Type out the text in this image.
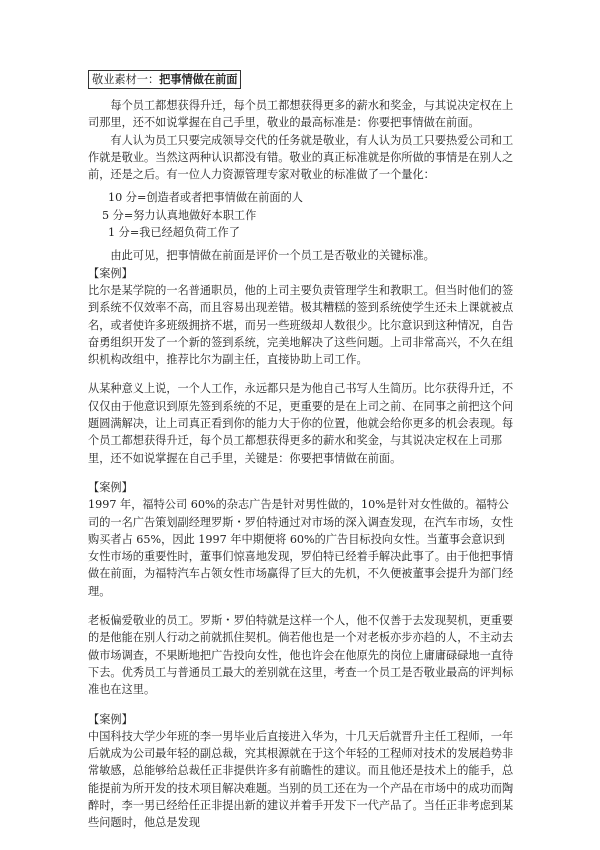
敬业素材一：把事情做在前面

每个员工都想获得升迁，每个员工都想获得更多的薪水和奖金，与其说决定权在上司那里，还不如说掌握在自己手里，敬业的最高标准是：你要把事情做在前面。

有人认为员工只要完成领导交代的任务就是敬业，有人认为员工只要热爱公司和工作就是敬业。当然这两种认识都没有错。敬业的真正标准就是你所做的事情是在别人之前，还是之后。有一位人力资源管理专家对敬业的标准做了一个量化：

10 分=创造者或者把事情做在前面的人
5 分=努力认真地做好本职工作
1 分=我已经超负荷工作了

由此可见，把事情做在前面是评价一个员工是否敬业的关键标准。

【案例】

比尔是某学院的一名普通职员，他的上司主要负责管理学生和教职工。但当时他们的签到系统不仅效率不高，而且容易出现差错。极其糟糕的签到系统使学生还未上课就被点名，或者使许多班级拥挤不堪，而另一些班级却人数很少。比尔意识到这种情况，自告奋勇组织开发了一个新的签到系统，完美地解决了这些问题。上司非常高兴，不久在组织机构改组中，推荐比尔为副主任，直接协助上司工作。

从某种意义上说，一个人工作，永远都只是为他自己书写人生简历。比尔获得升迁，不仅仅由于他意识到原先签到系统的不足，更重要的是在上司之前、在同事之前把这个问题圆满解决，让上司真正看到你的能力大于你的位置，他就会给你更多的机会表现。每个员工都想获得升迁，每个员工都想获得更多的薪水和奖金，与其说决定权在上司那里，还不如说掌握在自己手里，关键是：你要把事情做在前面。

【案例】

1997 年，福特公司 60%的杂志广告是针对男性做的，10%是针对女性做的。福特公司的一名广告策划副经理罗斯・罗伯特通过对市场的深入调查发现，在汽车市场，女性购买者占 65%，因此 1997 年中期便将 60%的广告目标投向女性。当董事会意识到女性市场的重要性时，董事们惊喜地发现，罗伯特已经着手解决此事了。由于他把事情做在前面，为福特汽车占领女性市场赢得了巨大的先机，不久便被董事会提升为部门经理。

老板偏爱敬业的员工。罗斯・罗伯特就是这样一个人，他不仅善于去发现契机，更重要的是他能在别人行动之前就抓住契机。倘若他也是一个对老板亦步亦趋的人，不主动去做市场调查，不果断地把广告投向女性，他也许会在他原先的岗位上庸庸碌碌地一直待下去。优秀员工与普通员工最大的差别就在这里，考查一个员工是否敬业最高的评判标准也在这里。

【案例】

中国科技大学少年班的李一男毕业后直接进入华为，十几天后就晋升主任工程师，一年后就成为公司最年轻的副总裁，究其根源就在于这个年轻的工程师对技术的发展趋势非常敏感，总能够给总裁任正非提供许多有前瞻性的建议。而且他还是技术上的能手，总能提前为所开发的技术项目解决难题。当别的员工还在为一个产品在市场中的成功而陶醉时，李一男已经给任正非提出新的建议并着手开发下一代产品了。当任正非考虑到某些问题时，他总是发现
